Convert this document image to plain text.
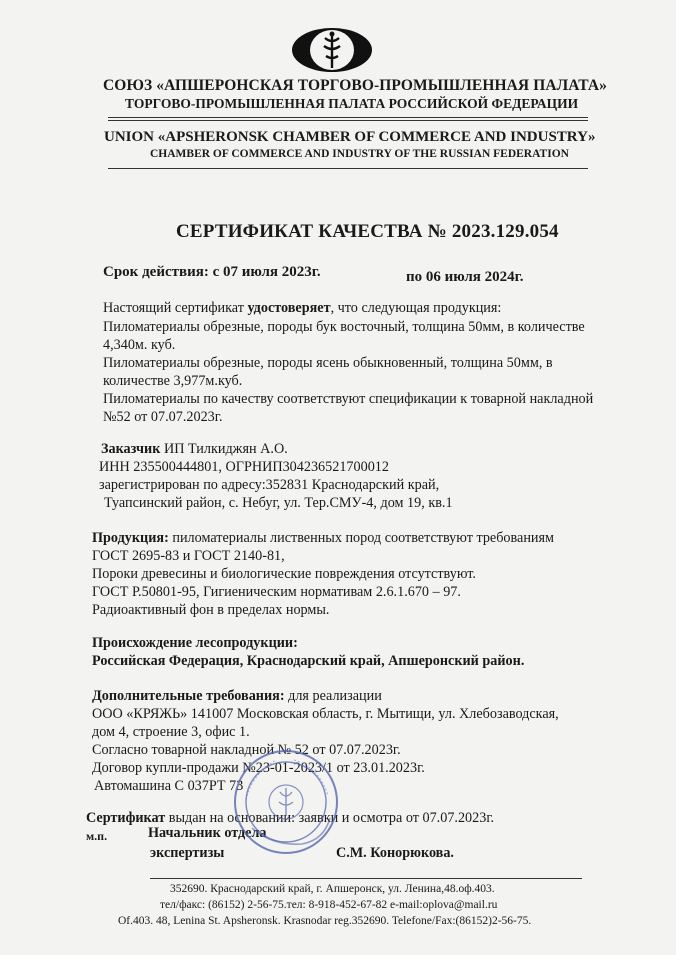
СОЮЗ «АПШЕРОНСКАЯ ТОРГОВО-ПРОМЫШЛЕННАЯ ПАЛАТА»
ТОРГОВО-ПРОМЫШЛЕННАЯ ПАЛАТА РОССИЙСКОЙ ФЕДЕРАЦИИ
UNION «APSHERONSK CHAMBER OF COMMERCE AND INDUSTRY»
CHAMBER OF COMMERCE AND INDUSTRY OF THE RUSSIAN FEDERATION
СЕРТИФИКАТ КАЧЕСТВА № 2023.129.054
Срок действия: с 07 июля 2023г.	по 06 июля 2024г.
Настоящий сертификат удостоверяет, что следующая продукция:
Пиломатериалы обрезные, породы бук восточный, толщина 50мм, в количестве
4,340м. куб.
Пиломатериалы обрезные, породы ясень обыкновенный, толщина 50мм, в
количестве 3,977м.куб.
Пиломатериалы по качеству соответствуют спецификации к товарной накладной
№52 от 07.07.2023г.
Заказчик ИП Тилкиджян А.О.
ИНН 235500444801, ОГРНИП304236521700012
зарегистрирован по адресу:352831 Краснодарский край,
Туапсинский район, с. Небуг, ул. Тер.СМУ-4, дом 19, кв.1
Продукция: пиломатериалы лиственных пород соответствуют требованиям
ГОСТ 2695-83 и ГОСТ 2140-81,
Пороки древесины и биологические повреждения отсутствуют.
ГОСТ Р.50801-95, Гигиеническим нормативам 2.6.1.670 – 97.
Радиоактивный фон в пределах нормы.
Происхождение лесопродукции:
Российская Федерация, Краснодарский край, Апшеронский район.
Дополнительные требования: для реализации
ООО «КРЯЖЬ» 141007 Московская область, г. Мытищи, ул. Хлебозаводская,
дом 4, строение 3, офис 1.
Согласно товарной накладной № 52 от 07.07.2023г.
Договор купли-продажи №23-01-2023/1 от 23.01.2023г.
Автомашина С 037РТ 73
Сертификат выдан на основании: заявки и осмотра от 07.07.2023г.
м.п.	Начальник отдела
экспертизы	С.М. Конорюкова.
352690. Краснодарский край, г. Апшеронск, ул. Ленина,48.оф.403.
тел/факс: (86152) 2-56-75.тел: 8-918-452-67-82 e-mail:oplova@mail.ru
Of.403. 48, Lenina St. Apsheronsk. Krasnodar reg.352690. Telefone/Fax:(86152)2-56-75.
